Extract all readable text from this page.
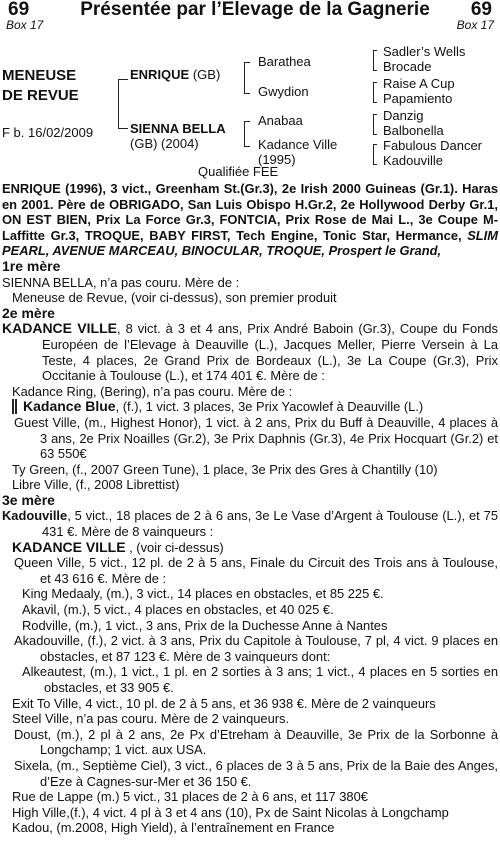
69	Présentée par l’Elevage de la Gagnerie	69
Box 17	Box 17
MENEUSE
DE REVUE
F b. 16/02/2009
ENRIQUE (GB)
SIENNA BELLA
(GB) (2004)
Barathea
Gwydion
Anabaa
Kadance Ville
(1995)
Sadler’s Wells
Brocade
Raise A Cup
Papamiento
Danzig
Balbonella
Fabulous Dancer
Kadouville
Qualifiée FEE

ENRIQUE (1996), 3 vict., Greenham St.(Gr.3), 2e Irish 2000 Guineas (Gr.1). Haras en 2001. Père de OBRIGADO, San Luis Obispo H.Gr.2, 2e Hollywood Derby Gr.1, ON EST BIEN, Prix La Force Gr.3, FONTCIA, Prix Rose de Mai L., 3e Coupe M-Laffitte Gr.3, TROQUE, BABY FIRST, Tech Engine, Tonic Star, Hermance, SLIM PEARL, AVENUE MARCEAU, BINOCULAR, TROQUE, Prospert le Grand,

1re mère

SIENNA BELLA, n’a pas couru. Mère de :

Meneuse de Revue, (voir ci-dessus), son premier produit

2e mère

KADANCE VILLE, 8 vict. à 3 et 4 ans, Prix André Baboin (Gr.3), Coupe du Fonds Européen de l’Elevage à Deauville (L.), Jacques Meller, Pierre Versein à La Teste, 4 places, 2e Grand Prix de Bordeaux (L.), 3e La Coupe (Gr.3), Prix Occitanie à Toulouse (L.), et 174 401 €. Mère de :

Kadance Ring, (Bering), n’a pas couru. Mère de :

Kadance Blue, (f.), 1 vict. 3 places, 3e Prix Yacowlef à Deauville (L.)

Guest Ville, (m., Highest Honor), 1 vict. à 2 ans, Prix du Buff à Deauville, 4 places à 3 ans, 2e Prix Noailles (Gr.2), 3e Prix Daphnis (Gr.3), 4e Prix Hocquart (Gr.2) et 63 550€

Ty Green, (f., 2007 Green Tune), 1 place, 3e Prix des Gres à Chantilly (10)

Libre Ville, (f., 2008 Librettist)

3e mère

Kadouville, 5 vict., 18 places de 2 à 6 ans, 3e Le Vase d’Argent à Toulouse (L.), et 75 431 €. Mère de 8 vainqueurs :

KADANCE VILLE , (voir ci-dessus)

Queen Ville, 5 vict., 12 pl. de 2 à 5 ans, Finale du Circuit des Trois ans à Toulouse, et 43 616 €. Mère de :

King Medaaly, (m.), 3 vict., 14 places en obstacles, et 85 225 €.

Akavil, (m.), 5 vict., 4 places en obstacles, et 40 025 €.

Rodville, (m.), 1 vict., 3 ans, Prix de la Duchesse Anne à Nantes

Akadouville, (f.), 2 vict. à 3 ans, Prix du Capitole à Toulouse, 7 pl, 4 vict. 9 places en obstacles, et 87 123 €. Mère de 3 vainqueurs dont:

Alkeautest, (m.), 1 vict., 1 pl. en 2 sorties à 3 ans; 1 vict., 4 places en 5 sorties en obstacles, et 33 905 €.

Exit To Ville, 4 vict., 10 pl. de 2 à 5 ans, et 36 938 €. Mère de 2 vainqueurs

Steel Ville, n’a pas couru. Mère de 2 vainqueurs.

Doust, (m.), 2 pl à 2 ans, 2e Px d’Etreham à Deauville, 3e Prix de la Sorbonne à Longchamp; 1 vict. aux USA.

Sixela, (m., Septième Ciel), 3 vict., 6 places de 3 à 5 ans, Prix de la Baie des Anges, d’Eze à Cagnes-sur-Mer et 36 150 €.

Rue de Lappe (m.) 5 vict., 31 places de 2 à 6 ans, et 117 380€

High Ville,(f.), 4 vict. 4 pl à 3 et 4 ans (10), Px de Saint Nicolas à Longchamp

Kadou, (m.2008, High Yield), à l’entraînement en France
